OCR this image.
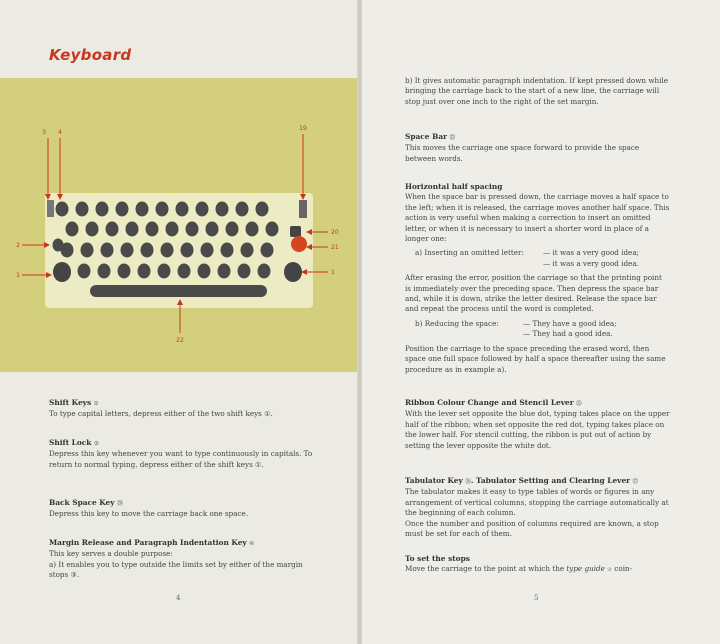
Keyboard
3 4
19
2
1
20
21
1
22

Shift Keys ①

To type capital letters, depress either of the two shift keys ①.

Shift Lock ②

Depress this key whenever you want to type continuously in capitals. To return to normal typing, depress either of the shift keys ①.

Back Space Key ⑳

Depress this key to move the carriage back one space.

Margin Release and Paragraph Indentation Key ④

This key serves a double purpose:

a) It enables you to type outside the limits set by either of the margin stops ③.

4

b) It gives automatic paragraph indentation. If kept pressed down while bringing the carriage back to the start of a new line, the carriage will stop just over one inch to the right of the set margin.

Space Bar ㉒

This moves the carriage one space forward to provide the space between words.

Horizontal half spacing

When the space bar is pressed down, the carriage moves a half space to the left; when it is released, the carriage moves another half space. This action is very useful when making a correction to insert an omitted letter, or when it is necessary to insert a shorter word in place of a longer one:

a) Inserting an omitted letter:	— it was a very good idea;
— it was a very good idea.

After erasing the error, position the carriage so that the printing point is immediately over the preceding space. Then depress the space bar and, while it is down, strike the letter desired. Release the space bar and repeat the process until the word is completed.

b) Reducing the space:	— They have a good idea;
— They had a good idea.

Position the carriage to the space preceding the erased word, then space one full space followed by half a space thereafter using the same procedure as in example a).

Ribbon Colour Change and Stencil Lever ㉑

With the lever set opposite the blue dot, typing takes place on the upper half of the ribbon; when set opposite the red dot, typing takes place on the lower half. For stencil cutting, the ribbon is put out of action by setting the lever opposite the white dot.

Tabulator Key ⑯. Tabulator Setting and Clearing Lever ⑰

The tabulator makes it easy to type tables of words or figures in any arrangement of vertical columns, stopping the carriage automatically at the beginning of each column.

Once the number and position of columns required are known, a stop must be set for each of them.

To set the stops

Move the carriage to the point at which the type guide ⑨ coin-

5
